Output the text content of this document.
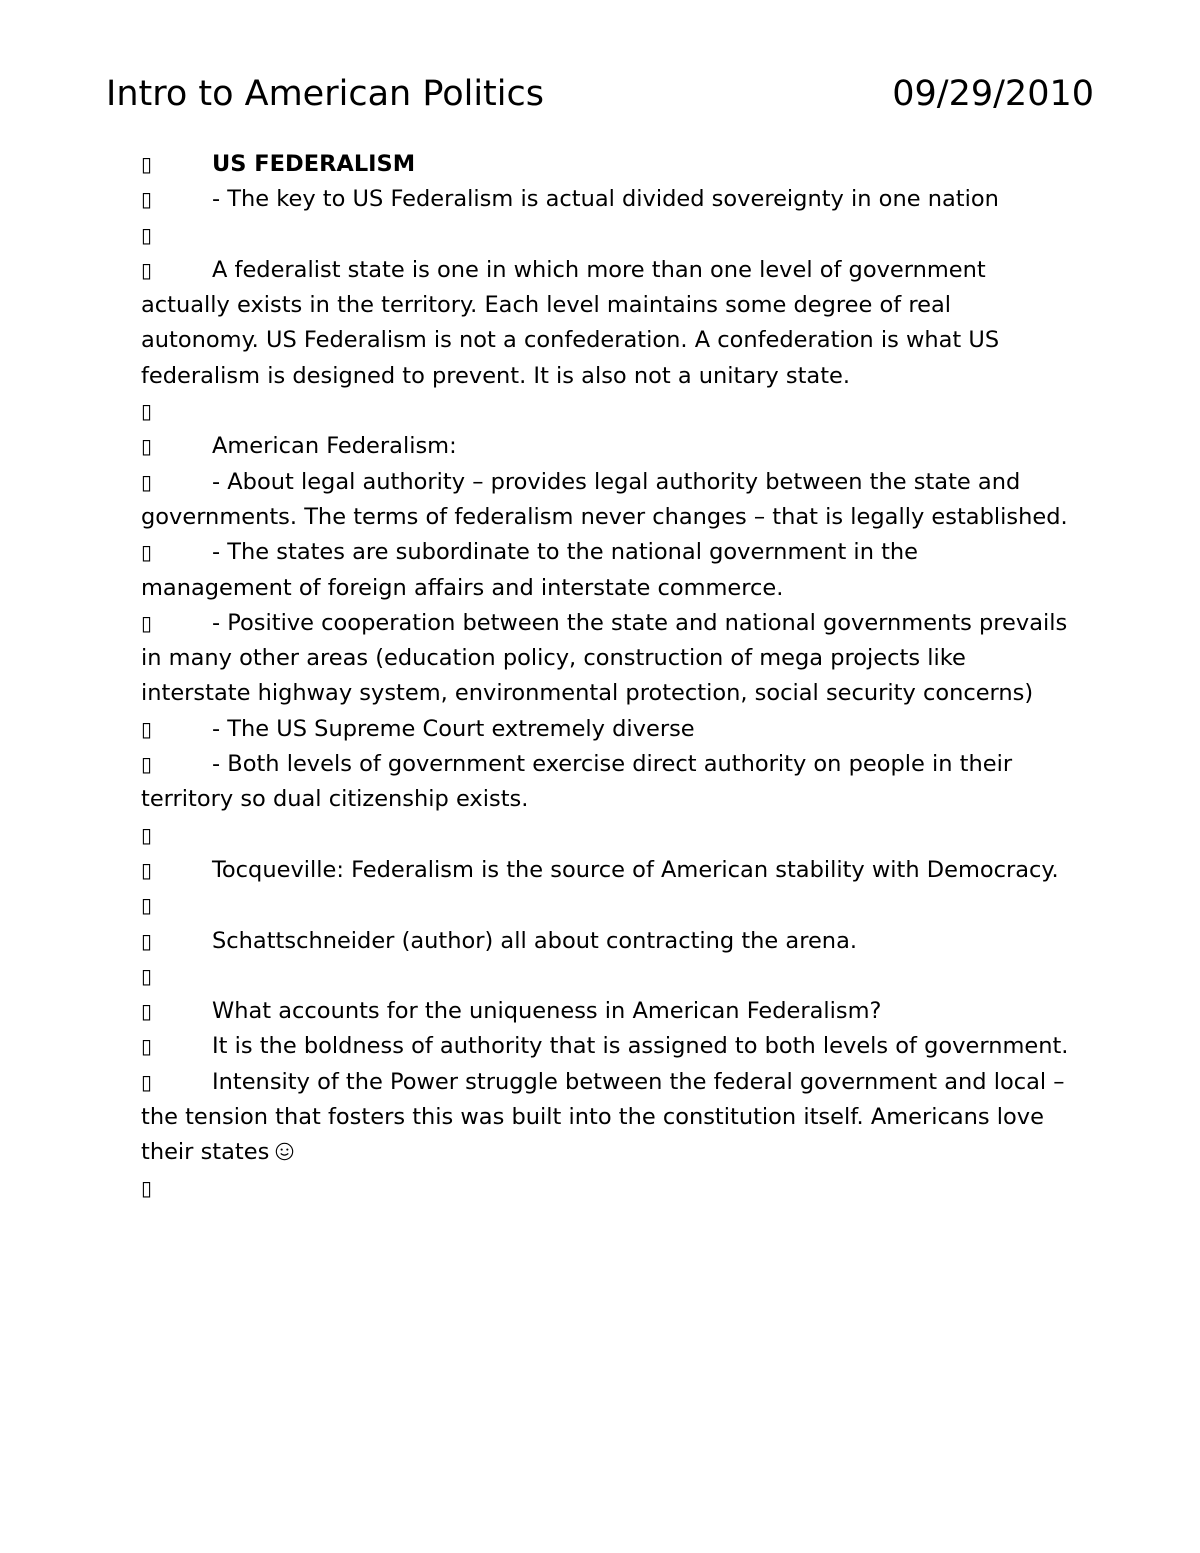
Intro to American Politics	09/29/2010

▯	US FEDERALISM

▯	- The key to US Federalism is actual divided sovereignty in one nation

▯

▯	A federalist state is one in which more than one level of government actually exists in the territory. Each level maintains some degree of real autonomy. US Federalism is not a confederation. A confederation is what US federalism is designed to prevent. It is also not a unitary state.

▯

▯	American Federalism:

▯	- About legal authority – provides legal authority between the state and governments. The terms of federalism never changes – that is legally established.

▯	- The states are subordinate to the national government in the management of foreign affairs and interstate commerce.

▯	- Positive cooperation between the state and national governments prevails in many other areas (education policy, construction of mega projects like interstate highway system, environmental protection, social security concerns)

▯	- The US Supreme Court extremely diverse

▯	- Both levels of government exercise direct authority on people in their territory so dual citizenship exists.

▯

▯	Tocqueville: Federalism is the source of American stability with Democracy.

▯

▯	Schattschneider (author) all about contracting the arena.

▯

▯	What accounts for the uniqueness in American Federalism?

▯	It is the boldness of authority that is assigned to both levels of government.

▯	Intensity of the Power struggle between the federal government and local – the tension that fosters this was built into the constitution itself. Americans love their states

▯
